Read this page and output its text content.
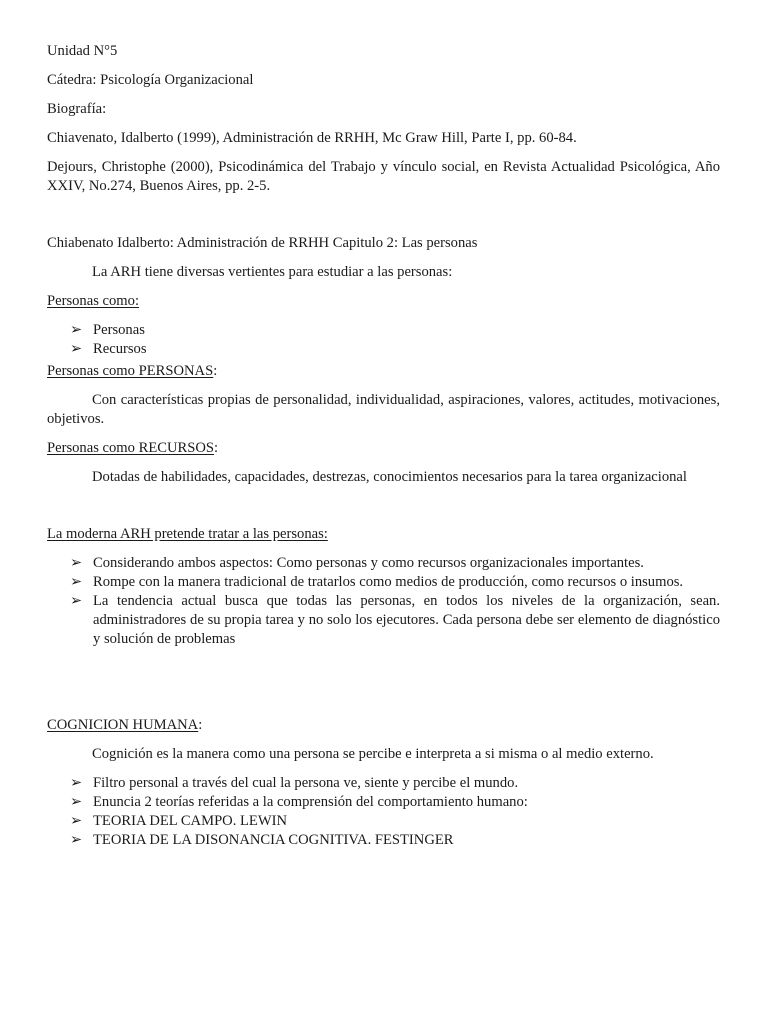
Unidad N°5

Cátedra: Psicología Organizacional

Biografía:

Chiavenato, Idalberto (1999), Administración de RRHH, Mc Graw Hill, Parte I, pp. 60-84.

Dejours, Christophe (2000), Psicodinámica del Trabajo y vínculo social, en Revista Actualidad Psicológica, Año XXIV, No.274, Buenos Aires, pp. 2-5.

Chiabenato Idalberto: Administración de RRHH Capitulo 2: Las personas

La ARH tiene diversas vertientes para estudiar a las personas:

Personas como:

➢ Personas
➢ Recursos

Personas como PERSONAS:

Con características propias de personalidad, individualidad, aspiraciones, valores, actitudes, motivaciones, objetivos.

Personas como RECURSOS:

Dotadas de habilidades, capacidades, destrezas, conocimientos necesarios para la tarea organizacional

La moderna ARH pretende tratar a las personas:

➢ Considerando ambos aspectos: Como personas y como recursos organizacionales importantes.
➢ Rompe con la manera tradicional de tratarlos como medios de producción, como recursos o insumos.
➢ La tendencia actual busca que todas las personas, en todos los niveles de la organización, sean. administradores de su propia tarea y no solo los ejecutores. Cada persona debe ser elemento de diagnóstico y solución de problemas

COGNICION HUMANA:

Cognición es la manera como una persona se percibe e interpreta a si misma o al medio externo.

➢ Filtro personal a través del cual la persona ve, siente y percibe el mundo.
➢ Enuncia 2 teorías referidas a la comprensión del comportamiento humano:
➢ TEORIA DEL CAMPO. LEWIN
➢ TEORIA DE LA DISONANCIA COGNITIVA. FESTINGER
